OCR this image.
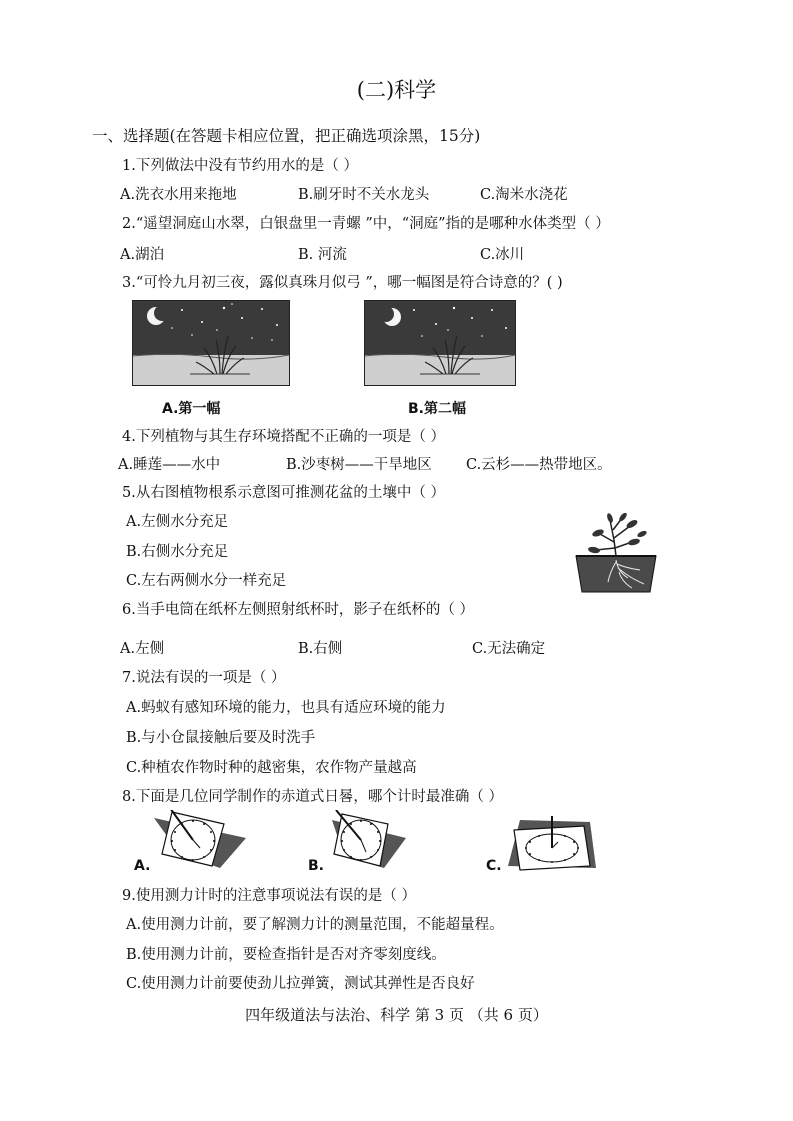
(二)科学
一、选择题(在答题卡相应位置，把正确选项涂黑，15分)
1.下列做法中没有节约用水的是（ ）
A.洗衣水用来拖地	B.刷牙时不关水龙头	C.淘米水浇花
2.“遥望洞庭山水翠，白银盘里一青螺 ”中，“洞庭”指的是哪种水体类型（ ）
A.湖泊	B. 河流	C.冰川
3.“可怜九月初三夜，露似真珠月似弓 ”，哪一幅图是符合诗意的？( )
A.第一幅	B.第二幅
4.下列植物与其生存环境搭配不正确的一项是（ ）
A.睡莲——水中	B.沙枣树——干旱地区 C.云杉——热带地区。
5.从右图植物根系示意图可推测花盆的土壤中（ ）
A.左侧水分充足
B.右侧水分充足
C.左右两侧水分一样充足
6.当手电筒在纸杯左侧照射纸杯时，影子在纸杯的（ ）
A.左侧	B.右侧	C.无法确定
7.说法有误的一项是（ ）
A.蚂蚁有感知环境的能力，也具有适应环境的能力
B.与小仓鼠接触后要及时洗手
C.种植农作物时种的越密集，农作物产量越高
8.下面是几位同学制作的赤道式日晷，哪个计时最准确（ ）
A.	B.	C.
9.使用测力计时的注意事项说法有误的是（ ）
A.使用测力计前，要了解测力计的测量范围，不能超量程。
B.使用测力计前，要检查指针是否对齐零刻度线。
C.使用测力计前要使劲儿拉弹簧，测试其弹性是否良好
四年级道法与法治、科学 第 3 页 （共 6 页）
